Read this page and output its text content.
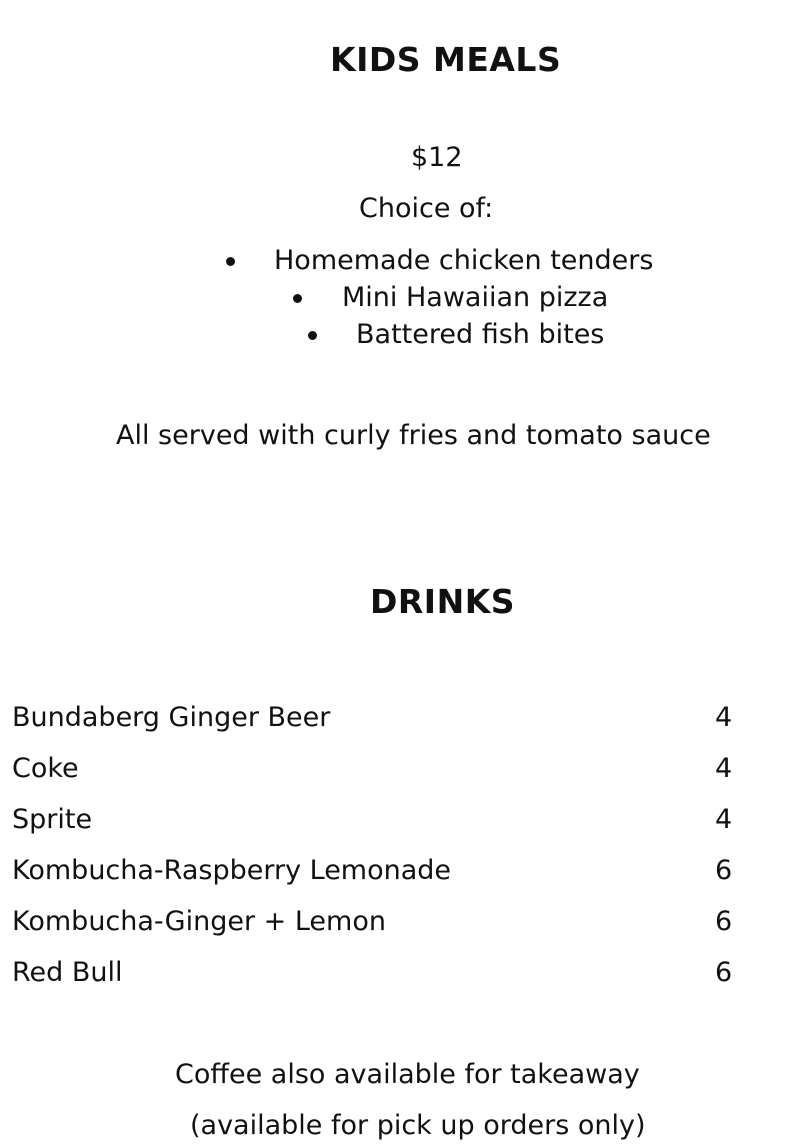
KIDS MEALS
$12
Choice of:
Homemade chicken tenders
Mini Hawaiian pizza
Battered fish bites
All served with curly fries and tomato sauce
DRINKS
Bundaberg Ginger Beer	4
Coke	4
Sprite	4
Kombucha-Raspberry Lemonade	6
Kombucha-Ginger + Lemon	6
Red Bull	6
Coffee also available for takeaway
(available for pick up orders only)
